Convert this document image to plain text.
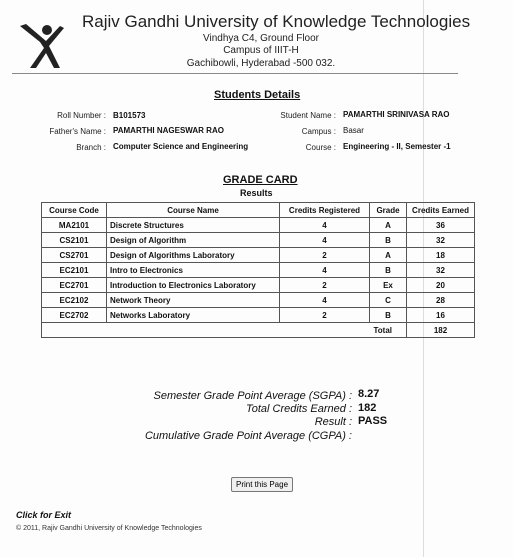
Rajiv Gandhi University of Knowledge Technologies
Vindhya C4, Ground Floor
Campus of IIIT-H
Gachibowli, Hyderabad -500 032.
Students Details
Roll Number : B101573	Student Name : PAMARTHI SRINIVASA RAO
Father's Name : PAMARTHI NAGESWAR RAO	Campus : Basar
Branch : Computer Science and Engineering	Course : Engineering - II, Semester -1
GRADE CARD
Results
Course Code	Course Name	Credits Registered	Grade	Credits Earned
MA2101	Discrete Structures	4	A	36
CS2101	Design of Algorithm	4	B	32
CS2701	Design of Algorithms Laboratory	2	A	18
EC2101	Intro to Electronics	4	B	32
EC2701	Introduction to Electronics Laboratory	2	Ex	20
EC2102	Network Theory	4	C	28
EC2702	Networks Laboratory	2	B	16
Total				182
Semester Grade Point Average (SGPA) : 8.27
Total Credits Earned : 182
Result : PASS
Cumulative Grade Point Average (CGPA) :
Print this Page
Click for Exit
© 2011, Rajiv Gandhi University of Knowledge Technologies
